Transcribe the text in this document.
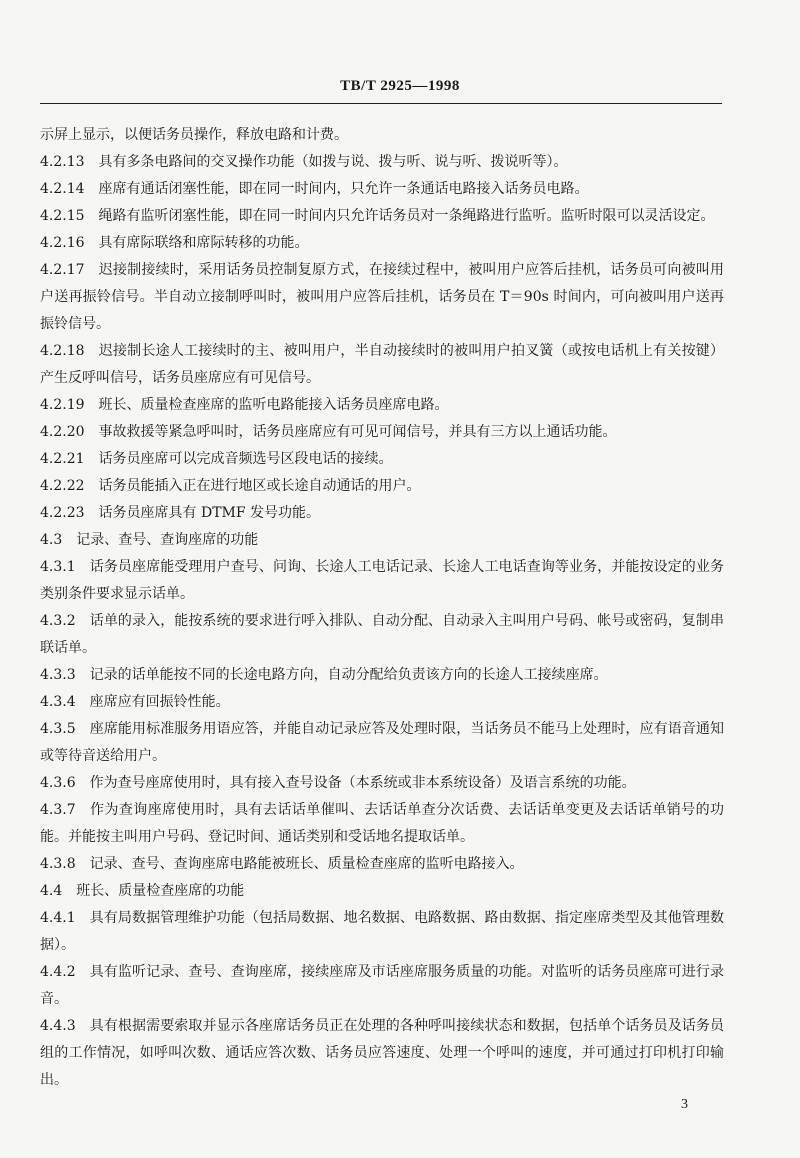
TB/T 2925—1998

示屏上显示，以便话务员操作，释放电路和计费。

4.2.13 具有多条电路间的交叉操作功能（如拨与说、拨与听、说与听、拨说听等）。

4.2.14 座席有通话闭塞性能，即在同一时间内，只允许一条通话电路接入话务员电路。

4.2.15 绳路有监听闭塞性能，即在同一时间内只允许话务员对一条绳路进行监听。监听时限可以灵活设定。

4.2.16 具有席际联络和席际转移的功能。

4.2.17 迟接制接续时，采用话务员控制复原方式，在接续过程中，被叫用户应答后挂机，话务员可向被叫用户送再振铃信号。半自动立接制呼叫时，被叫用户应答后挂机，话务员在 T＝90s 时间内，可向被叫用户送再振铃信号。

4.2.18 迟接制长途人工接续时的主、被叫用户，半自动接续时的被叫用户拍叉簧（或按电话机上有关按键）产生反呼叫信号，话务员座席应有可见信号。

4.2.19 班长、质量检查座席的监听电路能接入话务员座席电路。

4.2.20 事故救援等紧急呼叫时，话务员座席应有可见可闻信号，并具有三方以上通话功能。

4.2.21 话务员座席可以完成音频选号区段电话的接续。

4.2.22 话务员能插入正在进行地区或长途自动通话的用户。

4.2.23 话务员座席具有 DTMF 发号功能。

4.3 记录、查号、查询座席的功能

4.3.1 话务员座席能受理用户查号、问询、长途人工电话记录、长途人工电话查询等业务，并能按设定的业务类别条件要求显示话单。

4.3.2 话单的录入，能按系统的要求进行呼入排队、自动分配、自动录入主叫用户号码、帐号或密码，复制串联话单。

4.3.3 记录的话单能按不同的长途电路方向，自动分配给负责该方向的长途人工接续座席。

4.3.4 座席应有回振铃性能。

4.3.5 座席能用标准服务用语应答，并能自动记录应答及处理时限，当话务员不能马上处理时，应有语音通知或等待音送给用户。

4.3.6 作为查号座席使用时，具有接入查号设备（本系统或非本系统设备）及语言系统的功能。

4.3.7 作为查询座席使用时，具有去话话单催叫、去话话单查分次话费、去话话单变更及去话话单销号的功能。并能按主叫用户号码、登记时间、通话类别和受话地名提取话单。

4.3.8 记录、查号、查询座席电路能被班长、质量检查座席的监听电路接入。

4.4 班长、质量检查座席的功能

4.4.1 具有局数据管理维护功能（包括局数据、地名数据、电路数据、路由数据、指定座席类型及其他管理数据）。

4.4.2 具有监听记录、查号、查询座席，接续座席及市话座席服务质量的功能。对监听的话务员座席可进行录音。

4.4.3 具有根据需要索取并显示各座席话务员正在处理的各种呼叫接续状态和数据，包括单个话务员及话务员组的工作情况，如呼叫次数、通话应答次数、话务员应答速度、处理一个呼叫的速度，并可通过打印机打印输出。

3
